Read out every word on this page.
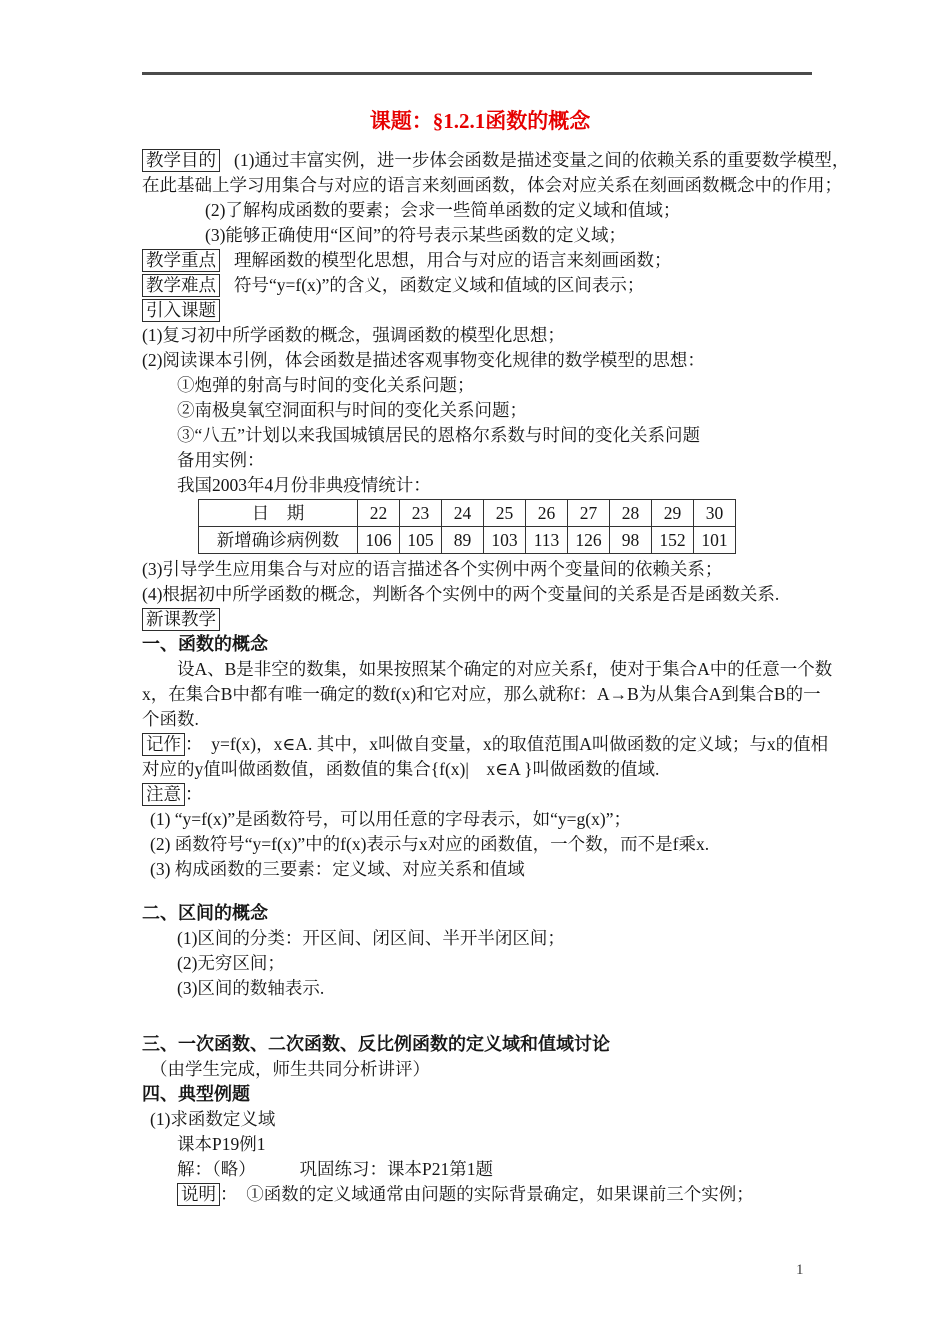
课题：§1.2.1函数的概念
教学目的 (1)通过丰富实例，进一步体会函数是描述变量之间的依赖关系的重要数学模型，
在此基础上学习用集合与对应的语言来刻画函数，体会对应关系在刻画函数概念中的作用；
(2)了解构成函数的要素；会求一些简单函数的定义域和值域；
(3)能够正确使用“区间”的符号表示某些函数的定义域；
教学重点 理解函数的模型化思想，用合与对应的语言来刻画函数；
教学难点 符号“y=f(x)”的含义，函数定义域和值域的区间表示；
引入课题
(1)复习初中所学函数的概念，强调函数的模型化思想；
(2)阅读课本引例，体会函数是描述客观事物变化规律的数学模型的思想：
①炮弹的射高与时间的变化关系问题；
②南极臭氧空洞面积与时间的变化关系问题；
③“八五”计划以来我国城镇居民的恩格尔系数与时间的变化关系问题
备用实例：
我国2003年4月份非典疫情统计：
日　期	22	23	24	25	26	27	28	29	30
新增确诊病例数	106	105	89	103	113	126	98	152	101
(3)引导学生应用集合与对应的语言描述各个实例中两个变量间的依赖关系；
(4)根据初中所学函数的概念，判断各个实例中的两个变量间的关系是否是函数关系.
新课教学
一、函数的概念
设A、B是非空的数集，如果按照某个确定的对应关系f，使对于集合A中的任意一个数
x，在集合B中都有唯一确定的数f(x)和它对应，那么就称f：A→B为从集合A到集合B的一
个函数.
记作 ：　y=f(x)，x∈A. 其中，x叫做自变量，x的取值范围A叫做函数的定义域；与x的值相
对应的y值叫做函数值，函数值的集合{f(x)|　x∈A }叫做函数的值域.
注意 ：
(1) “y=f(x)”是函数符号，可以用任意的字母表示，如“y=g(x)”；
(2) 函数符号“y=f(x)”中的f(x)表示与x对应的函数值，一个数，而不是f乘x.
(3) 构成函数的三要素：定义域、对应关系和值域
二、区间的概念
(1)区间的分类：开区间、闭区间、半开半闭区间；
(2)无穷区间；
(3)区间的数轴表示.
三、一次函数、二次函数、反比例函数的定义域和值域讨论
（由学生完成，师生共同分析讲评）
四、典型例题
(1)求函数定义域
课本P19例1
解：（略）　　　巩固练习：课本P21第1题
说明 ：　①函数的定义域通常由问题的实际背景确定，如果课前三个实例；
1
